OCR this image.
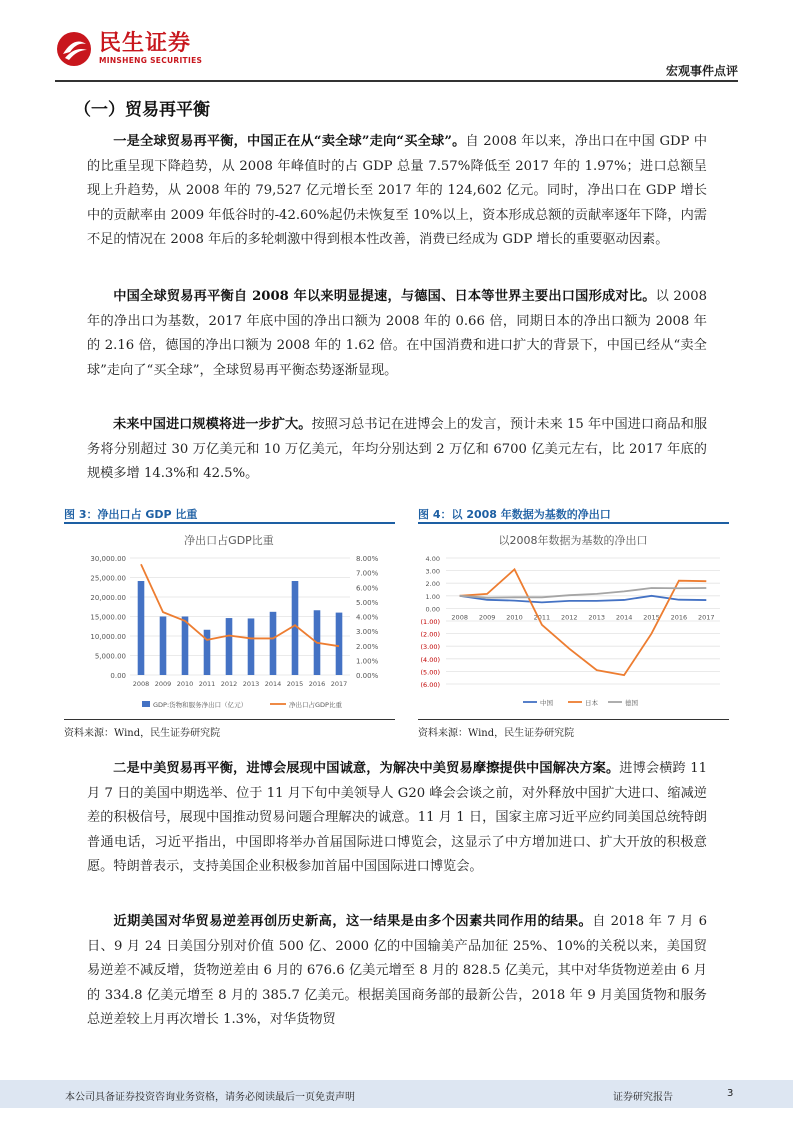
民生证券
MINSHENG SECURITIES
宏观事件点评
（一）贸易再平衡
一是全球贸易再平衡，中国正在从“卖全球”走向“买全球”。自 2008 年以来，净出口在中国 GDP 中的比重呈现下降趋势，从 2008 年峰值时的占 GDP 总量 7.57%降低至 2017 年的 1.97%；进口总额呈现上升趋势，从 2008 年的 79,527 亿元增长至 2017 年的 124,602 亿元。同时，净出口在 GDP 增长中的贡献率由 2009 年低谷时的-42.60%起仍未恢复至 10%以上，资本形成总额的贡献率逐年下降，内需不足的情况在 2008 年后的多轮刺激中得到根本性改善，消费已经成为 GDP 增长的重要驱动因素。
中国全球贸易再平衡自 2008 年以来明显提速，与德国、日本等世界主要出口国形成对比。以 2008 年的净出口为基数，2017 年底中国的净出口额为 2008 年的 0.66 倍，同期日本的净出口额为 2008 年的 2.16 倍，德国的净出口额为 2008 年的 1.62 倍。在中国消费和进口扩大的背景下，中国已经从“卖全球”走向了“买全球”，全球贸易再平衡态势逐渐显现。
未来中国进口规模将进一步扩大。按照习总书记在进博会上的发言，预计未来 15 年中国进口商品和服务将分别超过 30 万亿美元和 10 万亿美元，年均分别达到 2 万亿和 6700 亿美元左右，比 2017 年底的规模多增 14.3%和 42.5%。
图 3：净出口占 GDP 比重
净出口占GDP比重
0.00
5,000.00
10,000.00
15,000.00
20,000.00
25,000.00
30,000.00
0.00%
1.00%
2.00%
3.00%
4.00%
5.00%
6.00%
7.00%
8.00%
2008 2009 2010 2011 2012 2013 2014 2015 2016 2017
GDP:货物和服务净出口（亿元）	净出口占GDP比重
资料来源：Wind，民生证券研究院
图 4：以 2008 年数据为基数的净出口
以2008年数据为基数的净出口
4.00
3.00
2.00
1.00
0.00
(1.00)
(2.00)
(3.00)
(4.00)
(5.00)
(6.00)
2008 2009 2010 2011 2012 2013 2014 2015 2016 2017
中国	日本	德国
资料来源：Wind，民生证券研究院
二是中美贸易再平衡，进博会展现中国诚意，为解决中美贸易摩擦提供中国解决方案。进博会横跨 11 月 7 日的美国中期选举、位于 11 月下旬中美领导人 G20 峰会会谈之前，对外释放中国扩大进口、缩减逆差的积极信号，展现中国推动贸易问题合理解决的诚意。11 月 1 日，国家主席习近平应约同美国总统特朗普通电话，习近平指出，中国即将举办首届国际进口博览会，这显示了中方增加进口、扩大开放的积极意愿。特朗普表示，支持美国企业积极参加首届中国国际进口博览会。
近期美国对华贸易逆差再创历史新高，这一结果是由多个因素共同作用的结果。自 2018 年 7 月 6 日、9 月 24 日美国分别对价值 500 亿、2000 亿的中国输美产品加征 25%、10%的关税以来，美国贸易逆差不减反增，货物逆差由 6 月的 676.6 亿美元增至 8 月的 828.5 亿美元，其中对华货物逆差由 6 月的 334.8 亿美元增至 8 月的 385.7 亿美元。根据美国商务部的最新公告，2018 年 9 月美国货物和服务总逆差较上月再次增长 1.3%，对华货物贸
本公司具备证券投资咨询业务资格，请务必阅读最后一页免责声明	证券研究报告	3
